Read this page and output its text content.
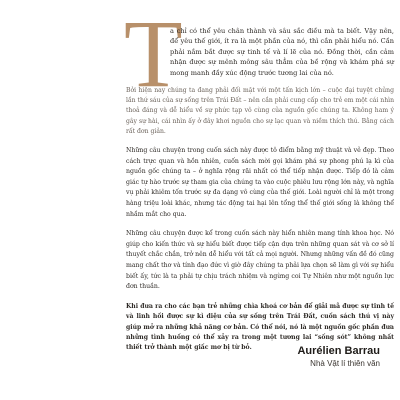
T

a chỉ có thể yêu chân thành và sâu sắc điều mà ta biết. Vậy nên, để yêu thế giới, ít ra là một phần của nó, thì cần phải hiểu nó. Cần phải nắm bắt được sự tinh tế và lí lẽ của nó. Đồng thời, cần cảm nhận được sự mênh mông sâu thẳm của bề rộng và khám phá sự mong manh đầy xúc động trước tương lai của nó.

Bởi hiện nay chúng ta đang phải đối mặt với một tấn kịch lớn – cuộc đại tuyệt chủng lần thứ sáu của sự sống trên Trái Đất – nên cần phải cung cấp cho trẻ em một cái nhìn thoả đáng và dễ hiểu về sự phức tạp vô cùng của nguồn gốc chúng ta. Không ham ý gây sự hài, cái nhìn ấy ở đây khơi nguồn cho sự lạc quan và niềm thích thú. Bằng cách rất đơn giản.

Những câu chuyện trong cuốn sách này được tô điểm bằng mỹ thuật và vẻ đẹp. Theo cách trực quan và hồn nhiên, cuốn sách mời gọi khám phá sự phong phú lạ kì của nguồn gốc chúng ta – ở nghĩa rộng rãi nhất có thể tiếp nhận được. Tiếp đó là cảm giác tự hào trước sự tham gia của chúng ta vào cuộc phiêu lưu rộng lớn này, và nghĩa vụ phải khiêm tốn trước sự đa dạng vô cùng của thế giới. Loài người chỉ là một trong hàng triệu loài khác, nhưng tác động tai hại lên tổng thể thế giới sống là không thể nhầm mắt cho qua.

Những câu chuyện được kể trong cuốn sách này hiển nhiên mang tính khoa học. Nó giúp cho kiến thức và sự hiểu biết được tiếp cận dựa trên những quan sát và cơ sở lí thuyết chắc chắn, trở nên dễ hiểu với tất cả mọi người. Nhưng những vấn đề đó cũng mang chất thơ và tính đạo đức vì giờ đây chúng ta phải lựa chọn sẽ làm gì với sự hiểu biết ấy, tức là ta phải tự chịu trách nhiệm và ngừng coi Tự Nhiên như một nguồn lực đơn thuần.

Khi đưa ra cho các bạn trẻ những chìa khoá cơ bản để giải mã được sự tinh tế và linh hồi được sự kì diệu của sự sống trên Trái Đất, cuốn sách thú vị này giúp mở ra những khả năng cơ bản. Có thể nói, nó là một nguồn gốc phần đưa những tình huống có thể xảy ra trong một tương lai “sống sót” không nhất thiết trở thành một giấc mơ bị từ bỏ.	Aurélien Barrau
Nhà Vật lí thiên văn
